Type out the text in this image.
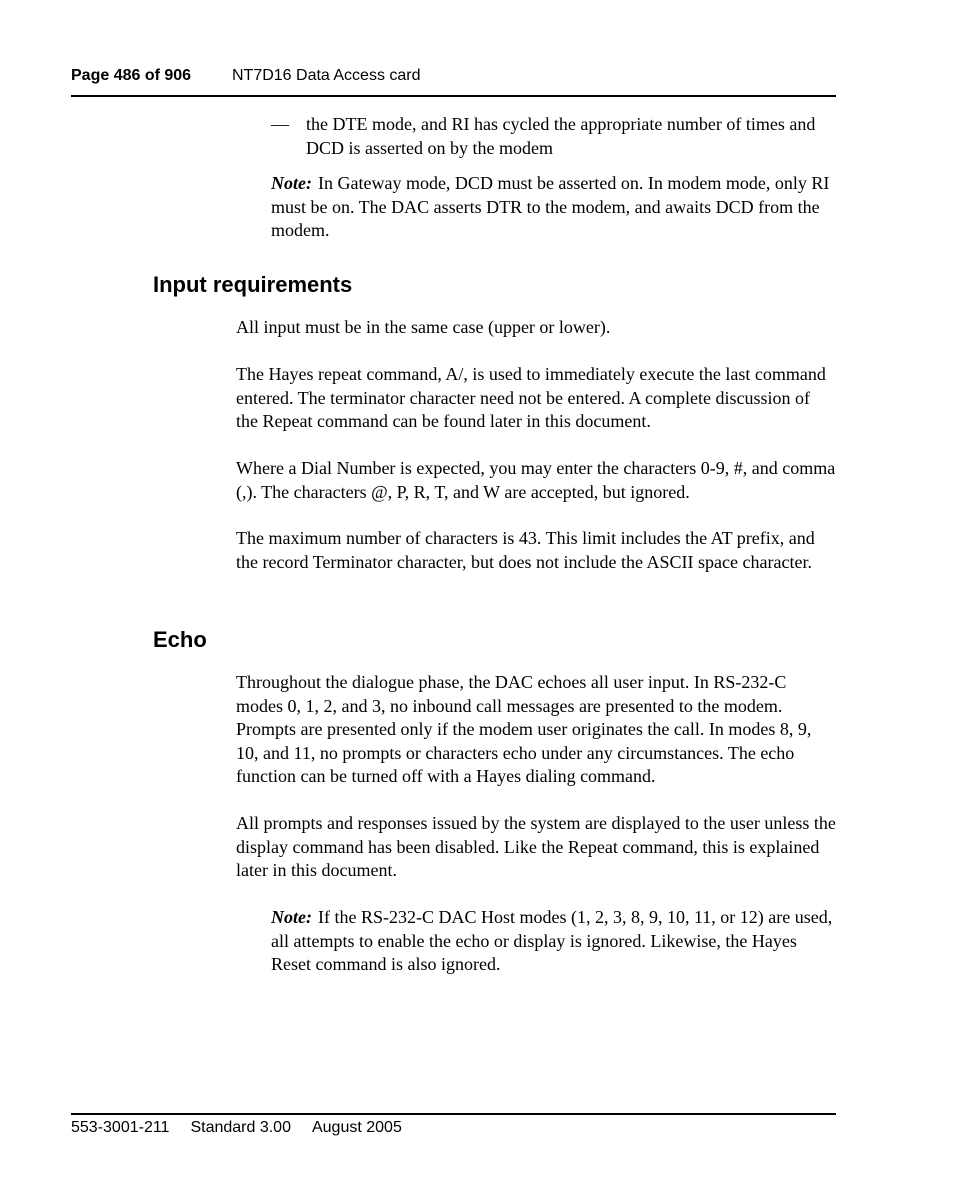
Page 486 of 906	NT7D16 Data Access card
— the DTE mode, and RI has cycled the appropriate number of times and DCD is asserted on by the modem
Note: In Gateway mode, DCD must be asserted on. In modem mode, only RI must be on. The DAC asserts DTR to the modem, and awaits DCD from the modem.
Input requirements

All input must be in the same case (upper or lower).

The Hayes repeat command, A/, is used to immediately execute the last command entered. The terminator character need not be entered. A complete discussion of the Repeat command can be found later in this document.

Where a Dial Number is expected, you may enter the characters 0-9, #, and comma (,). The characters @, P, R, T, and W are accepted, but ignored.

The maximum number of characters is 43. This limit includes the AT prefix, and the record Terminator character, but does not include the ASCII space character.

Echo

Throughout the dialogue phase, the DAC echoes all user input. In RS-232-C modes 0, 1, 2, and 3, no inbound call messages are presented to the modem. Prompts are presented only if the modem user originates the call. In modes 8, 9, 10, and 11, no prompts or characters echo under any circumstances. The echo function can be turned off with a Hayes dialing command.

All prompts and responses issued by the system are displayed to the user unless the display command has been disabled. Like the Repeat command, this is explained later in this document.

Note: If the RS-232-C DAC Host modes (1, 2, 3, 8, 9, 10, 11, or 12) are used, all attempts to enable the echo or display is ignored. Likewise, the Hayes Reset command is also ignored.
553-3001-211 Standard 3.00 August 2005
